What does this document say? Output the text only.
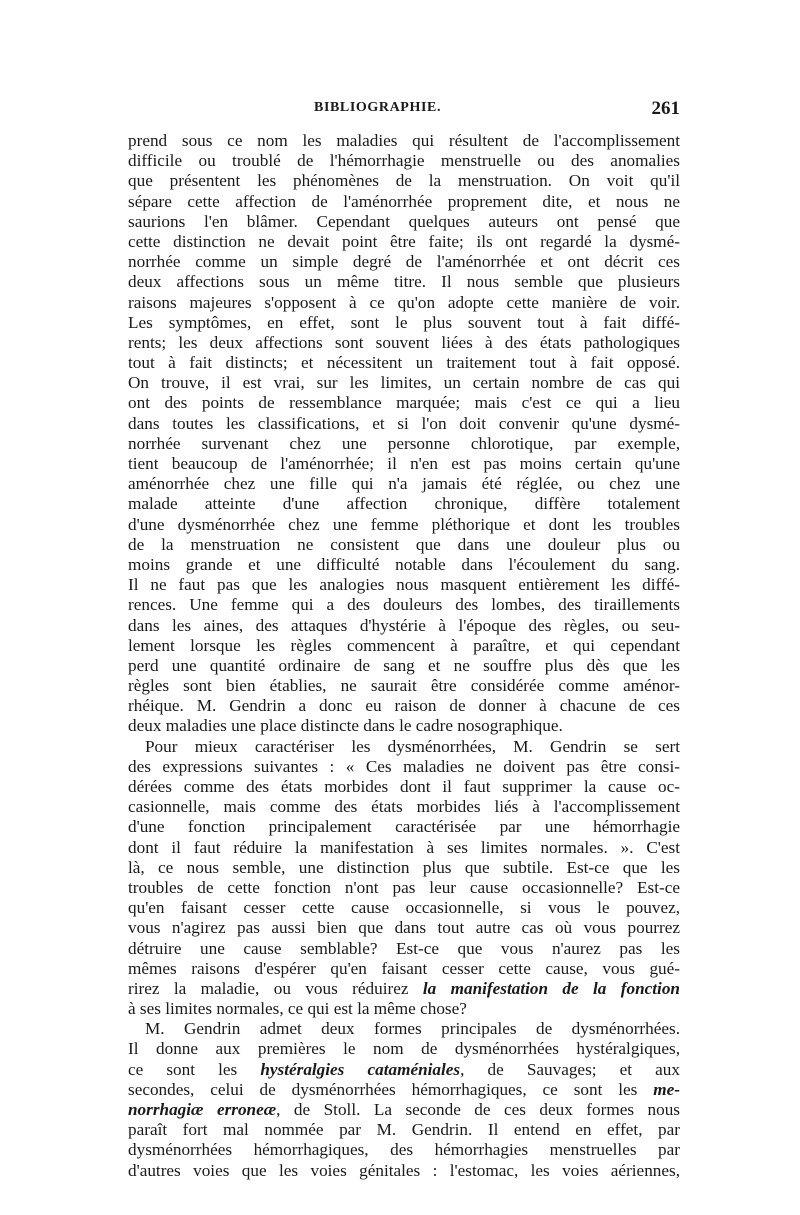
BIBLIOGRAPHIE.	261
prend sous ce nom les maladies qui résultent de l'accomplissement
difficile ou troublé de l'hémorrhagie menstruelle ou des anomalies
que présentent les phénomènes de la menstruation. On voit qu'il
sépare cette affection de l'aménorrhée proprement dite, et nous ne
saurions l'en blâmer. Cependant quelques auteurs ont pensé que
cette distinction ne devait point être faite; ils ont regardé la dysmé-
norrhée comme un simple degré de l'aménorrhée et ont décrit ces
deux affections sous un même titre. Il nous semble que plusieurs
raisons majeures s'opposent à ce qu'on adopte cette manière de voir.
Les symptômes, en effet, sont le plus souvent tout à fait diffé-
rents; les deux affections sont souvent liées à des états pathologiques
tout à fait distincts; et nécessitent un traitement tout à fait opposé.
On trouve, il est vrai, sur les limites, un certain nombre de cas qui
ont des points de ressemblance marquée; mais c'est ce qui a lieu
dans toutes les classifications, et si l'on doit convenir qu'une dysmé-
norrhée survenant chez une personne chlorotique, par exemple,
tient beaucoup de l'aménorrhée; il n'en est pas moins certain qu'une
aménorrhée chez une fille qui n'a jamais été réglée, ou chez une
malade atteinte d'une affection chronique, diffère totalement
d'une dysménorrhée chez une femme pléthorique et dont les troubles
de la menstruation ne consistent que dans une douleur plus ou
moins grande et une difficulté notable dans l'écoulement du sang.
Il ne faut pas que les analogies nous masquent entièrement les diffé-
rences. Une femme qui a des douleurs des lombes, des tiraillements
dans les aines, des attaques d'hystérie à l'époque des règles, ou seu-
lement lorsque les règles commencent à paraître, et qui cependant
perd une quantité ordinaire de sang et ne souffre plus dès que les
règles sont bien établies, ne saurait être considérée comme aménor-
rhéique. M. Gendrin a donc eu raison de donner à chacune de ces
deux maladies une place distincte dans le cadre nosographique.
Pour mieux caractériser les dysménorrhées, M. Gendrin se sert
des expressions suivantes : « Ces maladies ne doivent pas être consi-
dérées comme des états morbides dont il faut supprimer la cause oc-
casionnelle, mais comme des états morbides liés à l'accomplissement
d'une fonction principalement caractérisée par une hémorrhagie
dont il faut réduire la manifestation à ses limites normales. ». C'est
là, ce nous semble, une distinction plus que subtile. Est-ce que les
troubles de cette fonction n'ont pas leur cause occasionnelle? Est-ce
qu'en faisant cesser cette cause occasionnelle, si vous le pouvez,
vous n'agirez pas aussi bien que dans tout autre cas où vous pourrez
détruire une cause semblable? Est-ce que vous n'aurez pas les
mêmes raisons d'espérer qu'en faisant cesser cette cause, vous gué-
rirez la maladie, ou vous réduirez la manifestation de la fonction
à ses limites normales, ce qui est la même chose?
M. Gendrin admet deux formes principales de dysménorrhées.
Il donne aux premières le nom de dysménorrhées hystéralgiques,
ce sont les hystéralgies cataméniales, de Sauvages; et aux
secondes, celui de dysménorrhées hémorrhagiques, ce sont les me-
norrhagiæ erroneæ, de Stoll. La seconde de ces deux formes nous
paraît fort mal nommée par M. Gendrin. Il entend en effet, par
dysménorrhées hémorrhagiques, des hémorrhagies menstruelles par
d'autres voies que les voies génitales : l'estomac, les voies aériennes,
